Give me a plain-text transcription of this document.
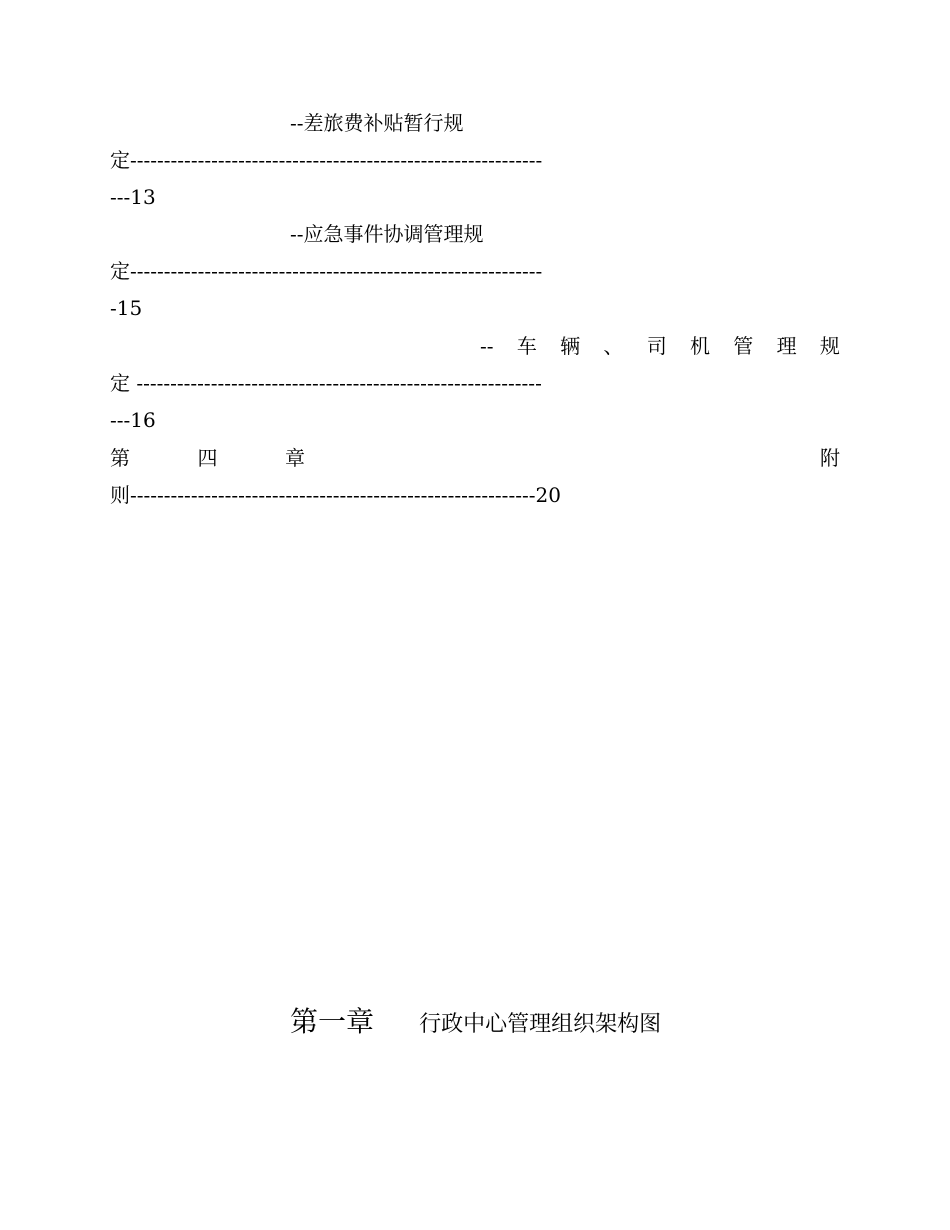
--差旅费补贴暂行规
定-------------------------------------------------------------
---13
--应急事件协调管理规
定-------------------------------------------------------------
-15
-- 车 辆 、 司 机 管 理 规
定 ------------------------------------------------------------
---16
第	四	章	附
则------------------------------------------------------------20
第一章 行政中心管理组织架构图
